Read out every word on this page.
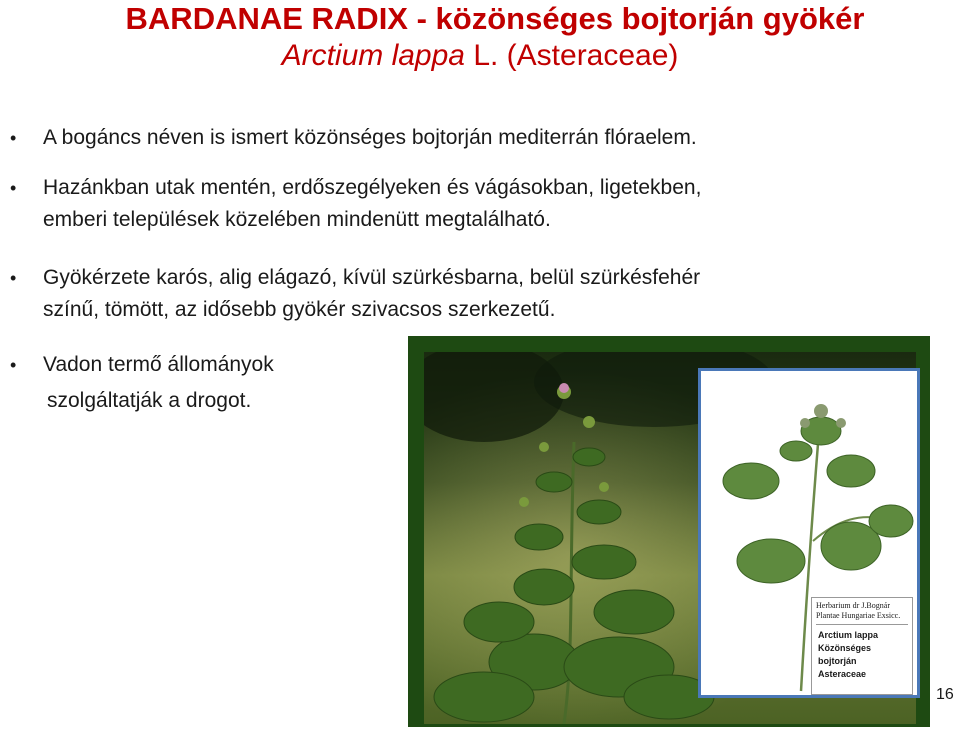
BARDANAE RADIX - közönséges bojtorján gyökér
Arctium lappa L. (Asteraceae)
• A bogáncs néven is ismert közönséges bojtorján mediterrán flóraelem.
• Hazánkban utak mentén, erdőszegélyeken és vágásokban, ligetekben,
emberi települések közelében mindenütt megtalálható.
• Gyökérzete karós, alig elágazó, kívül szürkésbarna, belül szürkésfehér
színű, tömött, az idősebb gyökér szivacsos szerkezetű.
• Vadon termő állományok
szolgáltatják a drogot.
Herbarium dr J.Bognár
Plantae Hungariae Exsicc.
Arctium lappa
Közönséges
bojtorján
Asteraceae
16
